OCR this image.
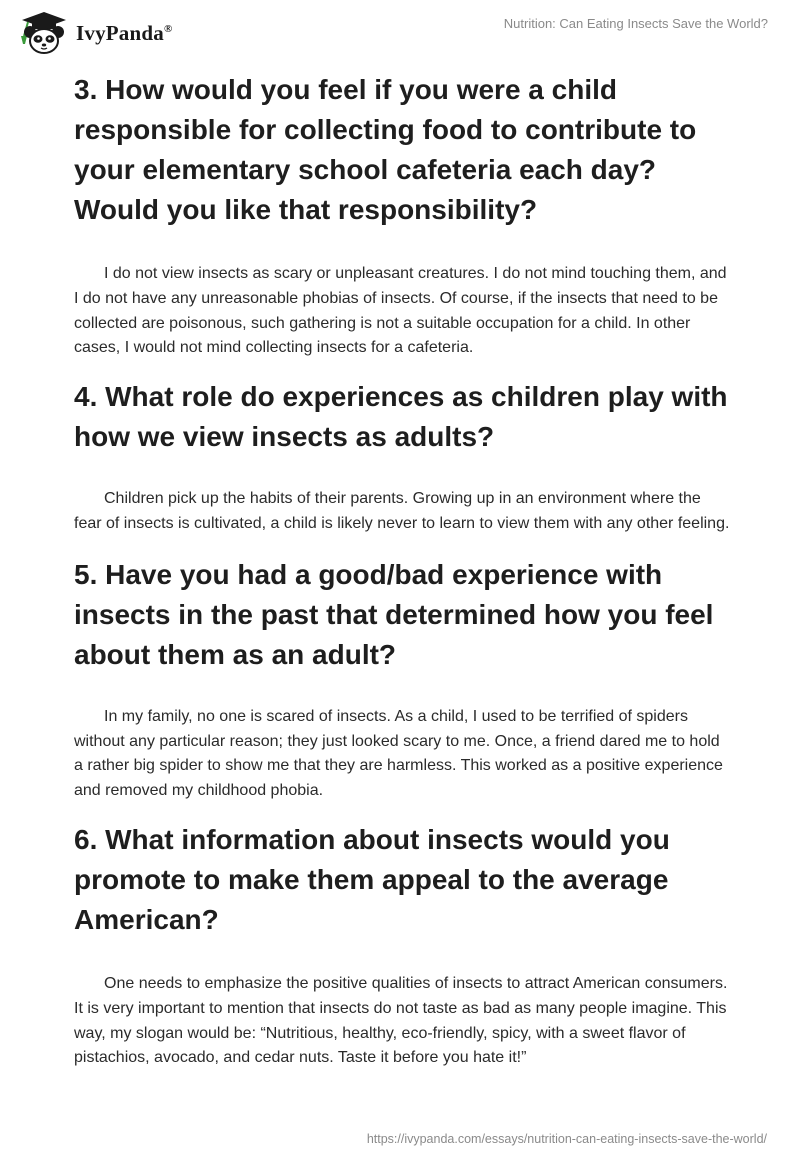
IvyPanda®	Nutrition: Can Eating Insects Save the World?
3. How would you feel if you were a child responsible for collecting food to contribute to your elementary school cafeteria each day? Would you like that responsibility?

I do not view insects as scary or unpleasant creatures. I do not mind touching them, and I do not have any unreasonable phobias of insects. Of course, if the insects that need to be collected are poisonous, such gathering is not a suitable occupation for a child. In other cases, I would not mind collecting insects for a cafeteria.

4. What role do experiences as children play with how we view insects as adults?

Children pick up the habits of their parents. Growing up in an environment where the fear of insects is cultivated, a child is likely never to learn to view them with any other feeling.

5. Have you had a good/bad experience with insects in the past that determined how you feel about them as an adult?

In my family, no one is scared of insects. As a child, I used to be terrified of spiders without any particular reason; they just looked scary to me. Once, a friend dared me to hold a rather big spider to show me that they are harmless. This worked as a positive experience and removed my childhood phobia.

6. What information about insects would you promote to make them appeal to the average American?

One needs to emphasize the positive qualities of insects to attract American consumers. It is very important to mention that insects do not taste as bad as many people imagine. This way, my slogan would be: “Nutritious, healthy, eco-friendly, spicy, with a sweet flavor of pistachios, avocado, and cedar nuts. Taste it before you hate it!”

https://ivypanda.com/essays/nutrition-can-eating-insects-save-the-world/
